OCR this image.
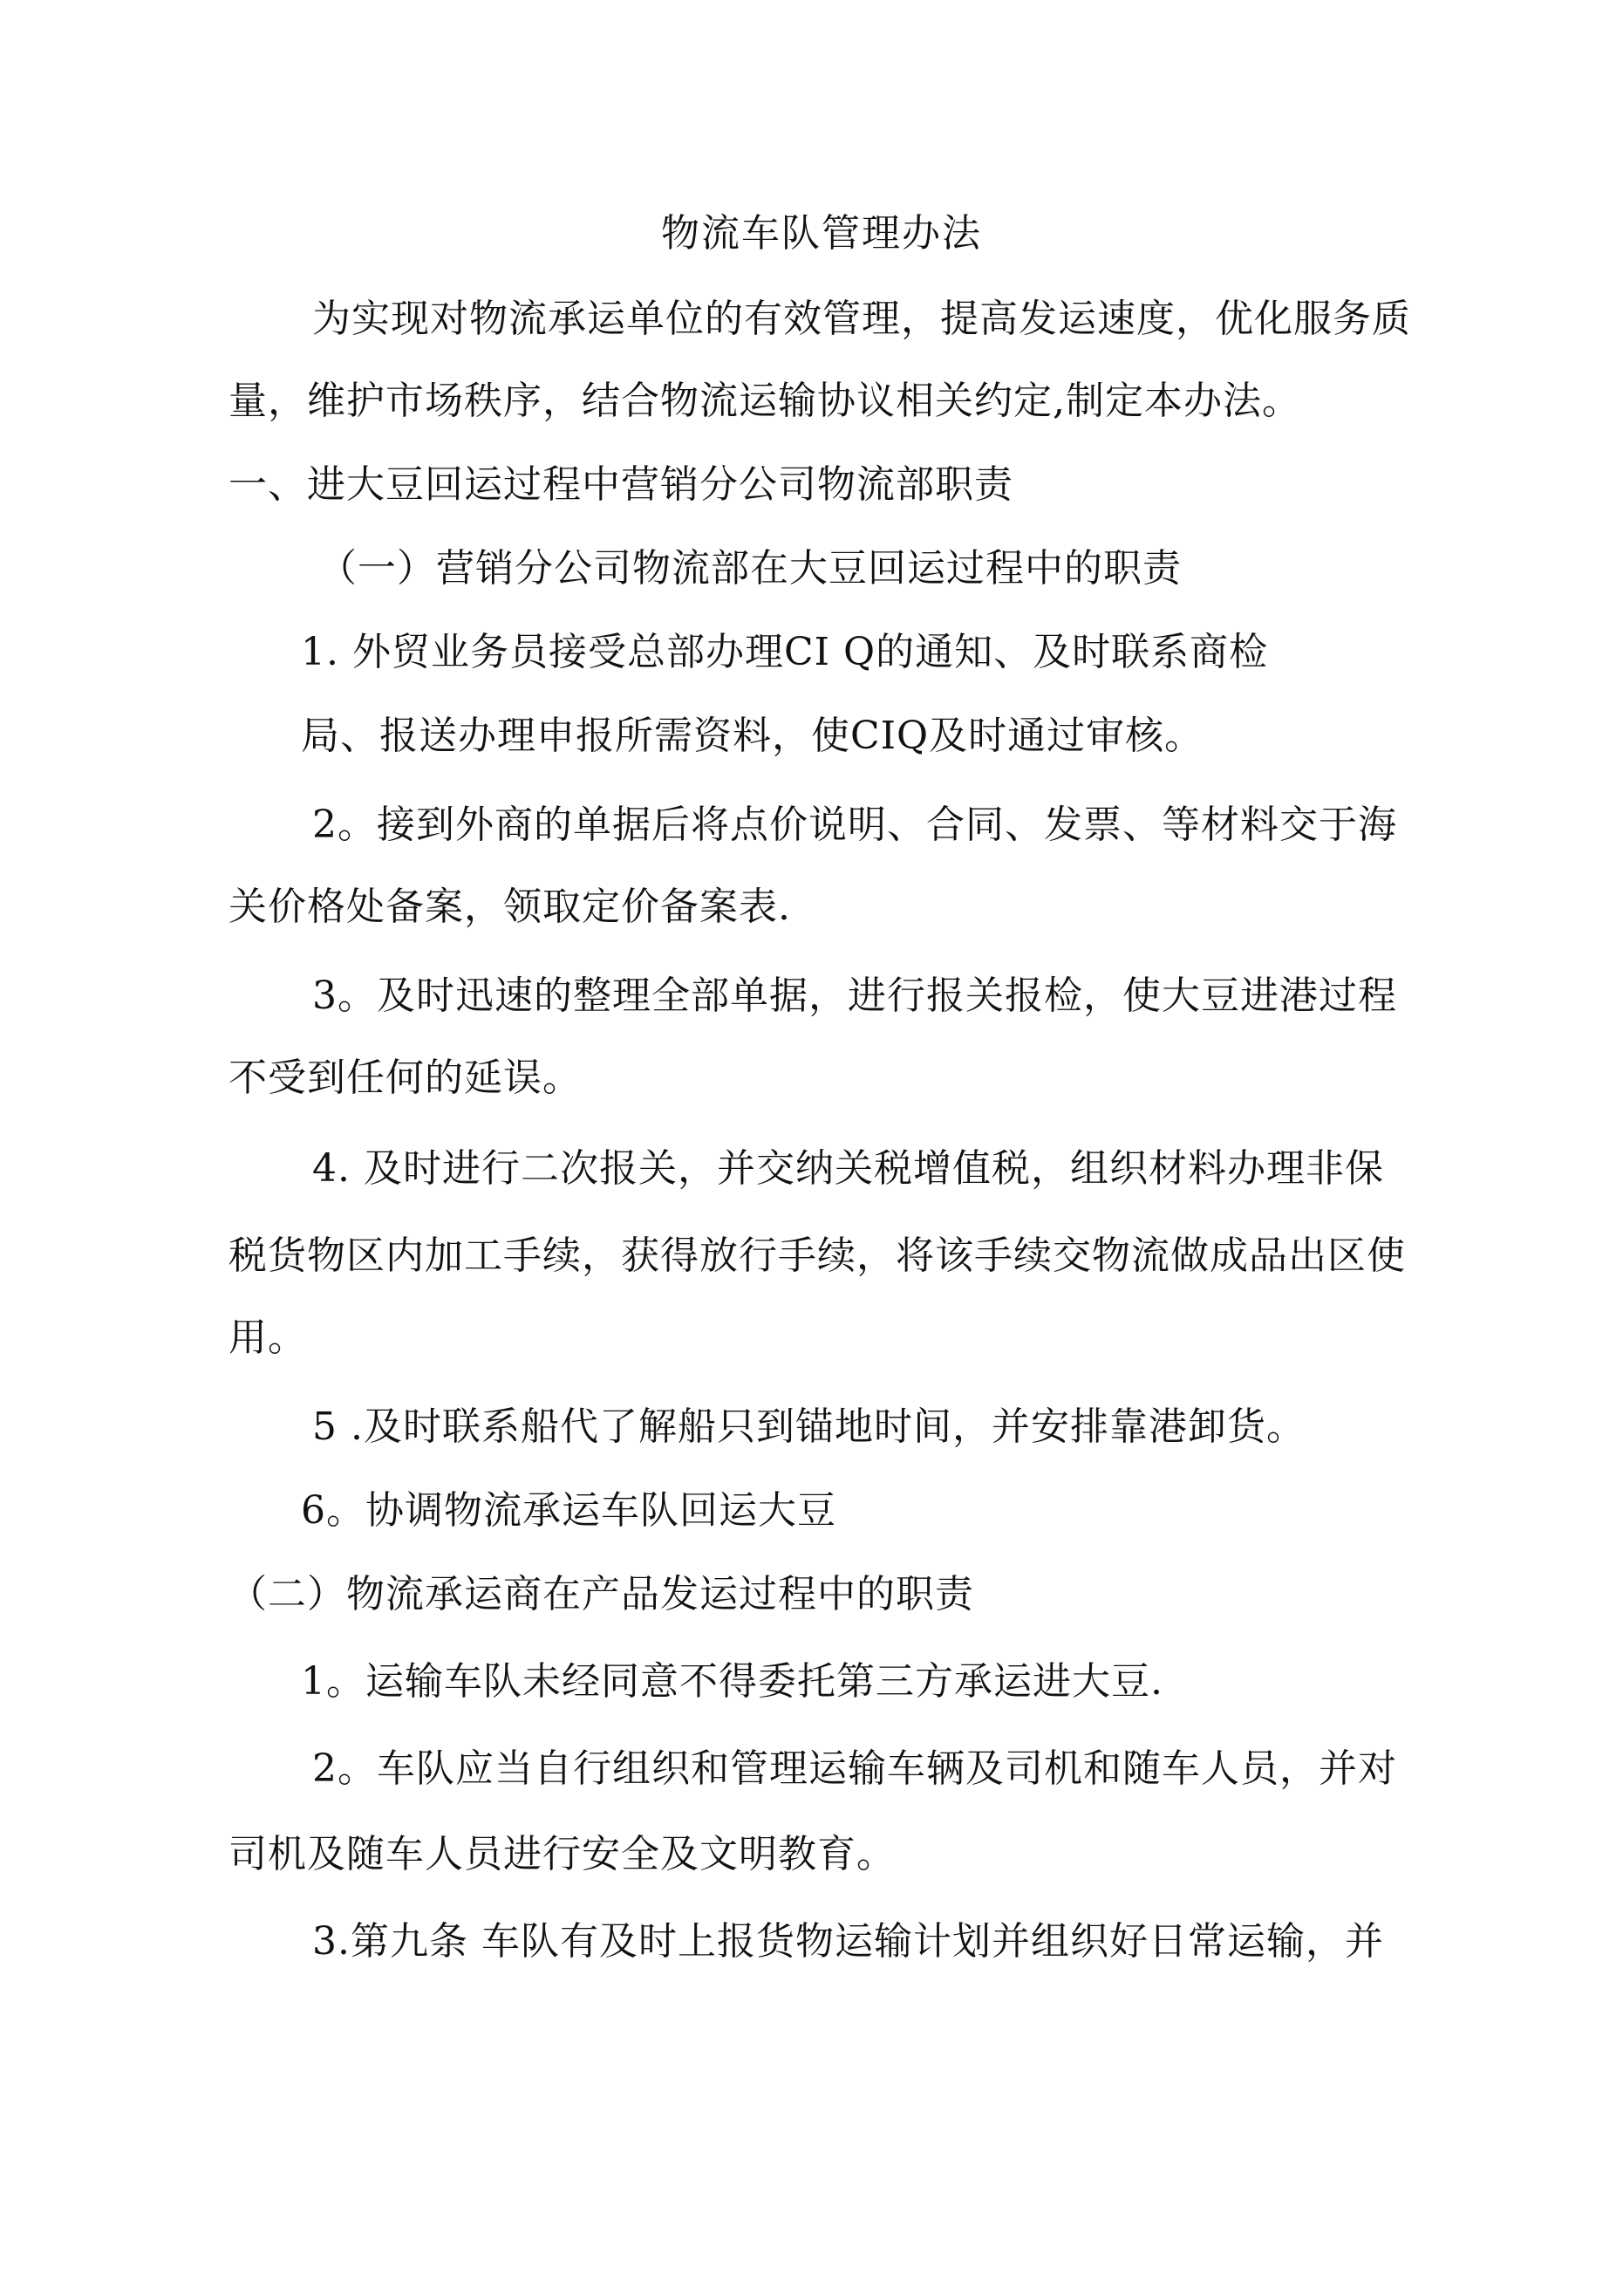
物流车队管理办法
为实现对物流承运单位的有效管理，提高发运速度，优化服务质
量，维护市场秩序，结合物流运输协议相关约定,制定本办法。
一、进大豆回运过程中营销分公司物流部职责
（一）营销分公司物流部在大豆回运过程中的职责
1. 外贸业务员接受总部办理CI Q的通知、及时联系商检
局、报送办理申报所需资料，使CIQ及时通过审核。
2。接到外商的单据后将点价说明、合同、发票、等材料交于海
关价格处备案，领取定价备案表.
3。及时迅速的整理全部单据，进行报关报检，使大豆进港过程
不受到任何的延误。
4. 及时进行二次报关，并交纳关税增值税，组织材料办理非保
税货物区内加工手续，获得放行手续，将该手续交物流做成品出区使
用。
5 .及时联系船代了解船只到锚地时间，并安排靠港卸货。
6。协调物流承运车队回运大豆
（二）物流承运商在产品发运过程中的职责
1。运输车队未经同意不得委托第三方承运进大豆.
2。车队应当自行组织和管理运输车辆及司机和随车人员，并对
司机及随车人员进行安全及文明教育。
3.第九条 车队有及时上报货物运输计划并组织好日常运输，并
